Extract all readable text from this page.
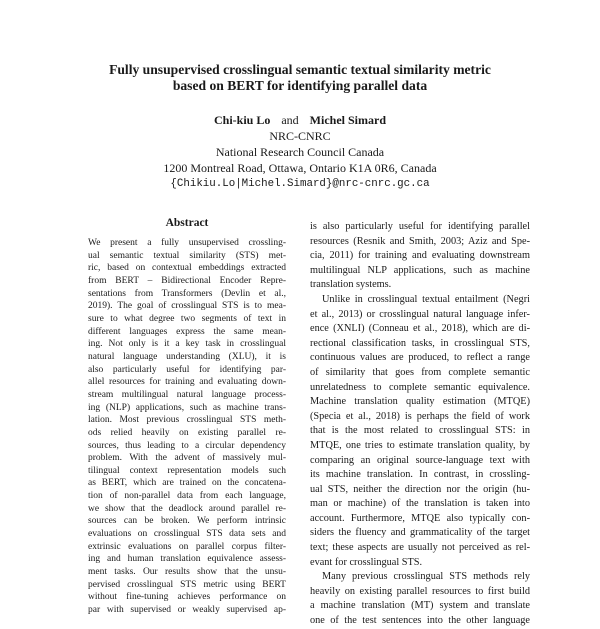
Fully unsupervised crosslingual semantic textual similarity metric
based on BERT for identifying parallel data
Chi-kiu Lo and Michel Simard
NRC-CNRC
National Research Council Canada
1200 Montreal Road, Ottawa, Ontario K1A 0R6, Canada
{Chikiu.Lo|Michel.Simard}@nrc-cnrc.gc.ca
Abstract
We present a fully unsupervised crossling-
ual semantic textual similarity (STS) met-
ric, based on contextual embeddings extracted
from BERT – Bidirectional Encoder Repre-
sentations from Transformers (Devlin et al.,
2019). The goal of crosslingual STS is to mea-
sure to what degree two segments of text in
different languages express the same mean-
ing. Not only is it a key task in crosslingual
natural language understanding (XLU), it is
also particularly useful for identifying par-
allel resources for training and evaluating down-
stream multilingual natural language process-
ing (NLP) applications, such as machine trans-
lation. Most previous crosslingual STS meth-
ods relied heavily on existing parallel re-
sources, thus leading to a circular dependency
problem. With the advent of massively mul-
tilingual context representation models such
as BERT, which are trained on the concatena-
tion of non-parallel data from each language,
we show that the deadlock around parallel re-
sources can be broken. We perform intrinsic
evaluations on crosslingual STS data sets and
extrinsic evaluations on parallel corpus filter-
ing and human translation equivalence assess-
ment tasks. Our results show that the unsu-
pervised crosslingual STS metric using BERT
without fine-tuning achieves performance on
par with supervised or weakly supervised ap-
is also particularly useful for identifying parallel
resources (Resnik and Smith, 2003; Aziz and Spe-
cia, 2011) for training and evaluating downstream
multilingual NLP applications, such as machine
translation systems.
Unlike in crosslingual textual entailment (Negri
et al., 2013) or crosslingual natural language infer-
ence (XNLI) (Conneau et al., 2018), which are di-
rectional classification tasks, in crosslingual STS,
continuous values are produced, to reflect a range
of similarity that goes from complete semantic
unrelatedness to complete semantic equivalence.
Machine translation quality estimation (MTQE)
(Specia et al., 2018) is perhaps the field of work
that is the most related to crosslingual STS: in
MTQE, one tries to estimate translation quality, by
comparing an original source-language text with
its machine translation. In contrast, in crossling-
ual STS, neither the direction nor the origin (hu-
man or machine) of the translation is taken into
account. Furthermore, MTQE also typically con-
siders the fluency and grammaticality of the target
text; these aspects are usually not perceived as rel-
evant for crosslingual STS.
Many previous crosslingual STS methods rely
heavily on existing parallel resources to first build
a machine translation (MT) system and translate
one of the test sentences into the other language
